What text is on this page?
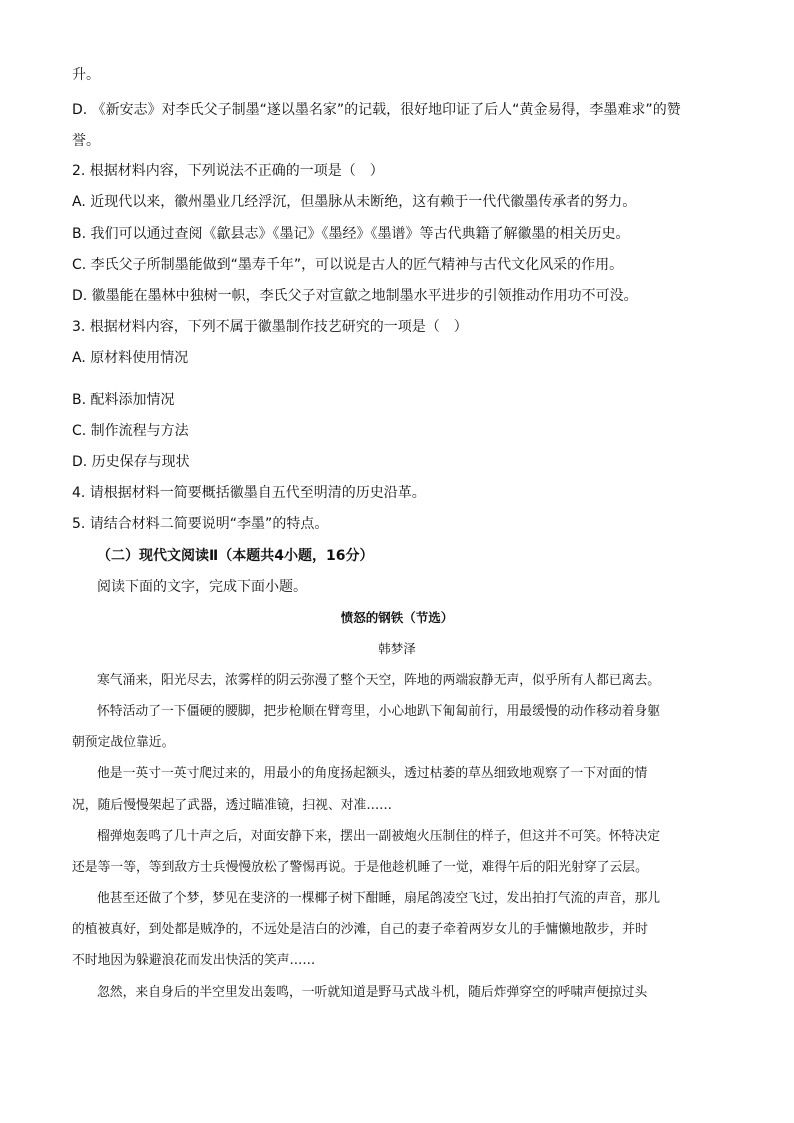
升。
D. 《新安志》对李氏父子制墨“遂以墨名家”的记载，很好地印证了后人“黄金易得，李墨难求”的赞
誉。
2. 根据材料内容，下列说法不正确的一项是（　）
A. 近现代以来，徽州墨业几经浮沉，但墨脉从未断绝，这有赖于一代代徽墨传承者的努力。
B. 我们可以通过查阅《歙县志》《墨记》《墨经》《墨谱》等古代典籍了解徽墨的相关历史。
C. 李氏父子所制墨能做到“墨寿千年”，可以说是古人的匠气精神与古代文化风采的作用。
D. 徽墨能在墨林中独树一帜，李氏父子对宣歙之地制墨水平进步的引领推动作用功不可没。
3. 根据材料内容，下列不属于徽墨制作技艺研究的一项是（　）
A. 原材料使用情况
B. 配料添加情况
C. 制作流程与方法
D. 历史保存与现状
4. 请根据材料一简要概括徽墨自五代至明清的历史沿革。
5. 请结合材料二简要说明“李墨”的特点。
（二）现代文阅读Ⅱ（本题共4小题，16分）
阅读下面的文字，完成下面小题。
愤怒的钢铁（节选）
韩梦泽
寒气涌来，阳光尽去，浓雾样的阴云弥漫了整个天空，阵地的两端寂静无声，似乎所有人都已离去。
怀特活动了一下僵硬的腰脚，把步枪顺在臂弯里，小心地趴下匍匐前行，用最缓慢的动作移动着身躯
朝预定战位靠近。
他是一英寸一英寸爬过来的，用最小的角度扬起额头，透过枯萎的草丛细致地观察了一下对面的情
况，随后慢慢架起了武器，透过瞄准镜，扫视、对准……
榴弹炮轰鸣了几十声之后，对面安静下来，摆出一副被炮火压制住的样子，但这并不可笑。怀特决定
还是等一等，等到敌方士兵慢慢放松了警惕再说。于是他趁机睡了一觉，难得午后的阳光射穿了云层。
他甚至还做了个梦，梦见在斐济的一棵椰子树下酣睡，扇尾鸽凌空飞过，发出拍打气流的声音，那儿
的植被真好，到处都是贼净的，不远处是洁白的沙滩，自己的妻子牵着两岁女儿的手慵懒地散步，并时
不时地因为躲避浪花而发出快活的笑声……
忽然，来自身后的半空里发出轰鸣，一听就知道是野马式战斗机，随后炸弹穿空的呼啸声便掠过头
